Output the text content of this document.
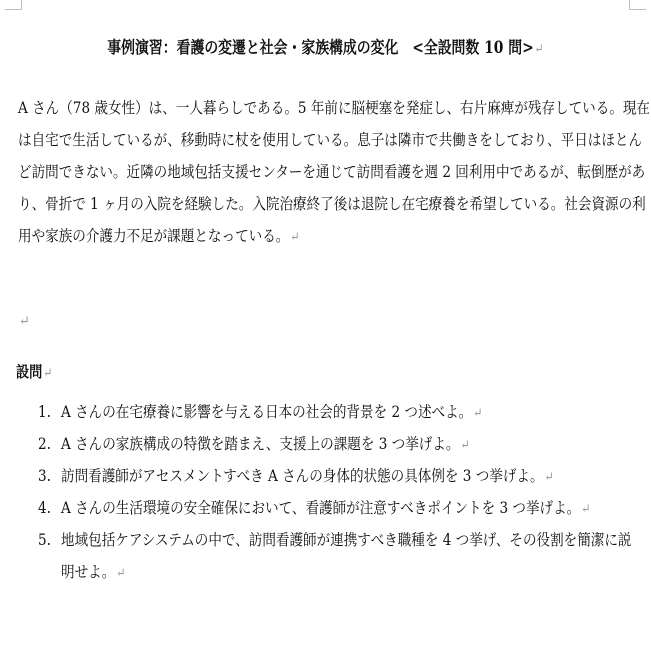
事例演習：看護の変遷と社会・家族構成の変化　<全設問数 10 問>↵
A さん（78 歳女性）は、一人暮らしである。5 年前に脳梗塞を発症し、右片麻痺が残存している。現在
は自宅で生活しているが、移動時に杖を使用している。息子は隣市で共働きをしており、平日はほとん
ど訪問できない。近隣の地域包括支援センターを通じて訪問看護を週 2 回利用中であるが、転倒歴があ
り、骨折で 1 ヶ月の入院を経験した。入院治療終了後は退院し在宅療養を希望している。社会資源の利
用や家族の介護力不足が課題となっている。↵
↵
設問↵
1. A さんの在宅療養に影響を与える日本の社会的背景を 2 つ述べよ。↵
2. A さんの家族構成の特徴を踏まえ、支援上の課題を 3 つ挙げよ。↵
3. 訪問看護師がアセスメントすべき A さんの身体的状態の具体例を 3 つ挙げよ。↵
4. A さんの生活環境の安全確保において、看護師が注意すべきポイントを 3 つ挙げよ。↵
5. 地域包括ケアシステムの中で、訪問看護師が連携すべき職種を 4 つ挙げ、その役割を簡潔に説
明せよ。↵
